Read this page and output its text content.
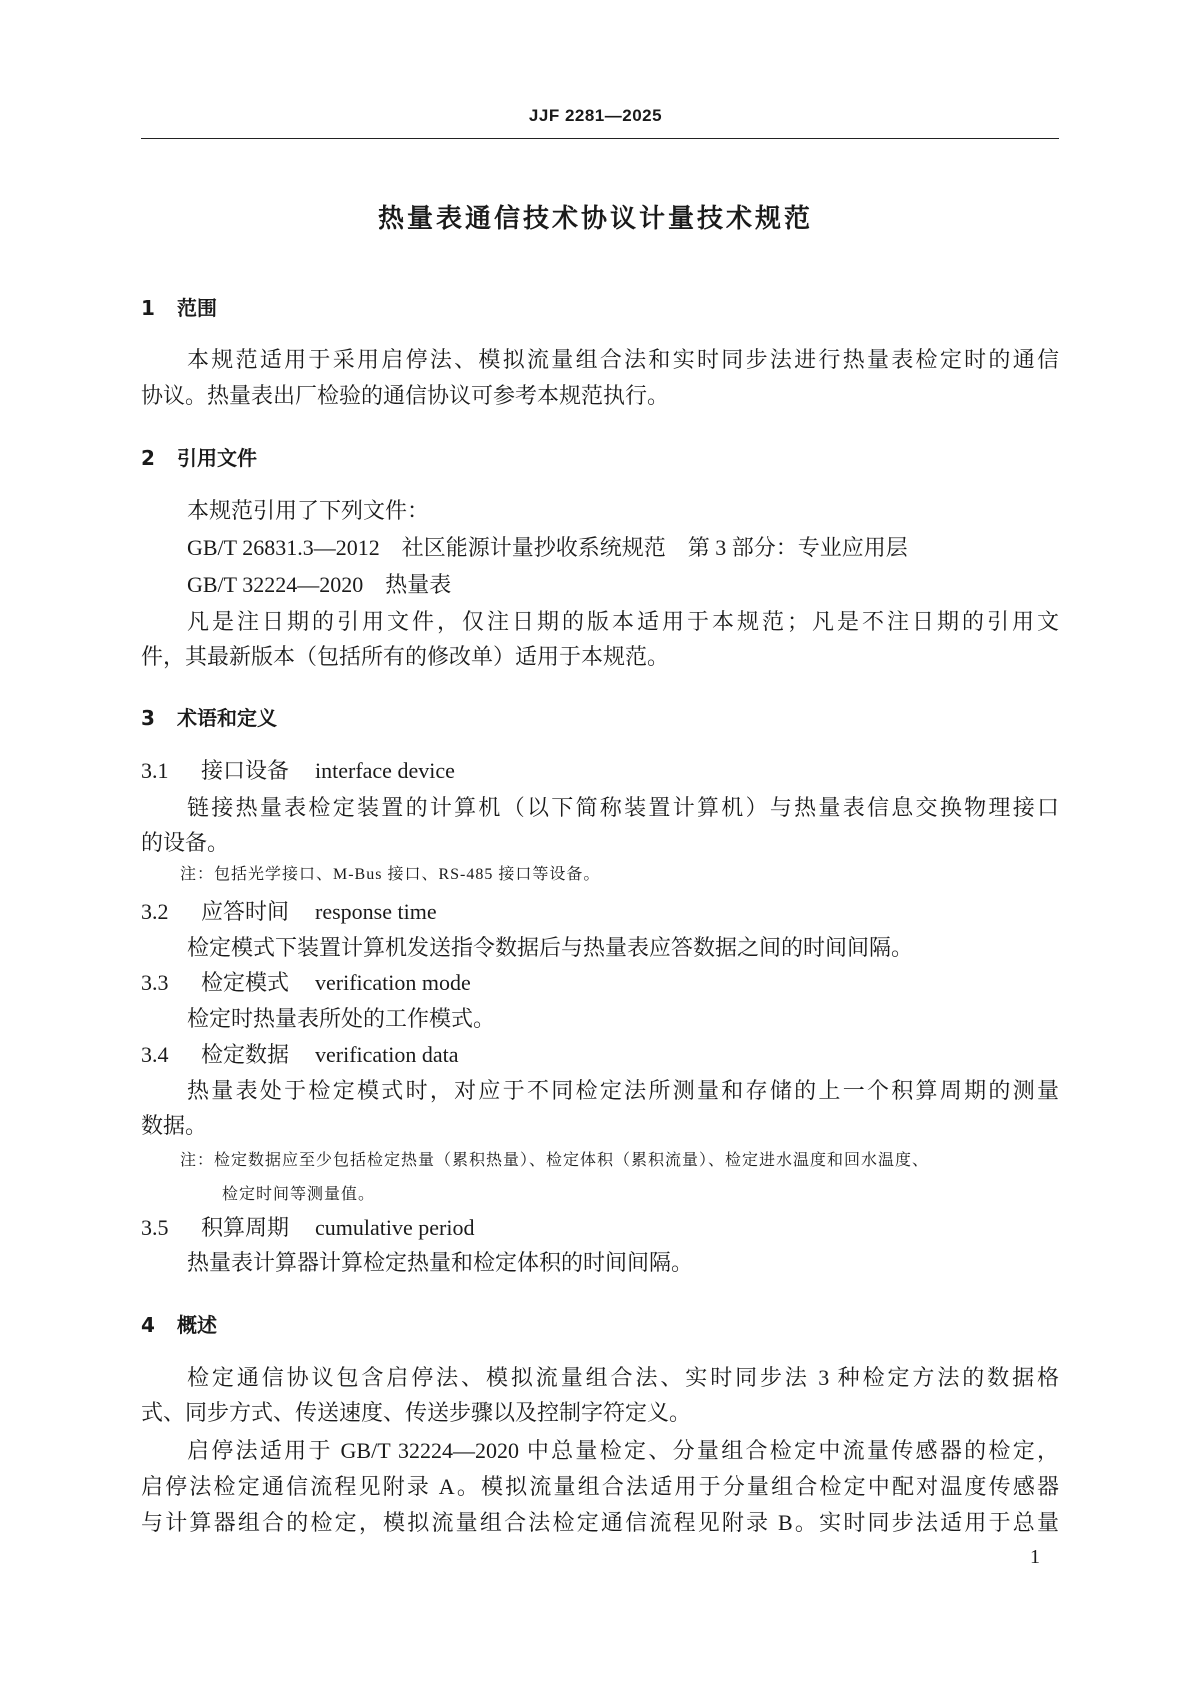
JJF 2281—2025
热量表通信技术协议计量技术规范
1 范围
本规范适用于采用启停法、模拟流量组合法和实时同步法进行热量表检定时的通信
协议。热量表出厂检验的通信协议可参考本规范执行。
2 引用文件
本规范引用了下列文件：
GB/T 26831.3—2012　社区能源计量抄收系统规范　第 3 部分：专业应用层
GB/T 32224—2020　热量表
凡是注日期的引用文件，仅注日期的版本适用于本规范；凡是不注日期的引用文
件，其最新版本（包括所有的修改单）适用于本规范。
3 术语和定义
3.1 接口设备 interface device
链接热量表检定装置的计算机（以下简称装置计算机）与热量表信息交换物理接口
的设备。
注：包括光学接口、M-Bus 接口、RS-485 接口等设备。
3.2 应答时间 response time
检定模式下装置计算机发送指令数据后与热量表应答数据之间的时间间隔。
3.3 检定模式 verification mode
检定时热量表所处的工作模式。
3.4 检定数据 verification data
热量表处于检定模式时，对应于不同检定法所测量和存储的上一个积算周期的测量
数据。
注：检定数据应至少包括检定热量（累积热量）、检定体积（累积流量）、检定进水温度和回水温度、
检定时间等测量值。
3.5 积算周期 cumulative period
热量表计算器计算检定热量和检定体积的时间间隔。
4 概述
检定通信协议包含启停法、模拟流量组合法、实时同步法 3 种检定方法的数据格
式、同步方式、传送速度、传送步骤以及控制字符定义。
启停法适用于 GB/T 32224—2020 中总量检定、分量组合检定中流量传感器的检定，
启停法检定通信流程见附录 A。模拟流量组合法适用于分量组合检定中配对温度传感器
与计算器组合的检定，模拟流量组合法检定通信流程见附录 B。实时同步法适用于总量
1
